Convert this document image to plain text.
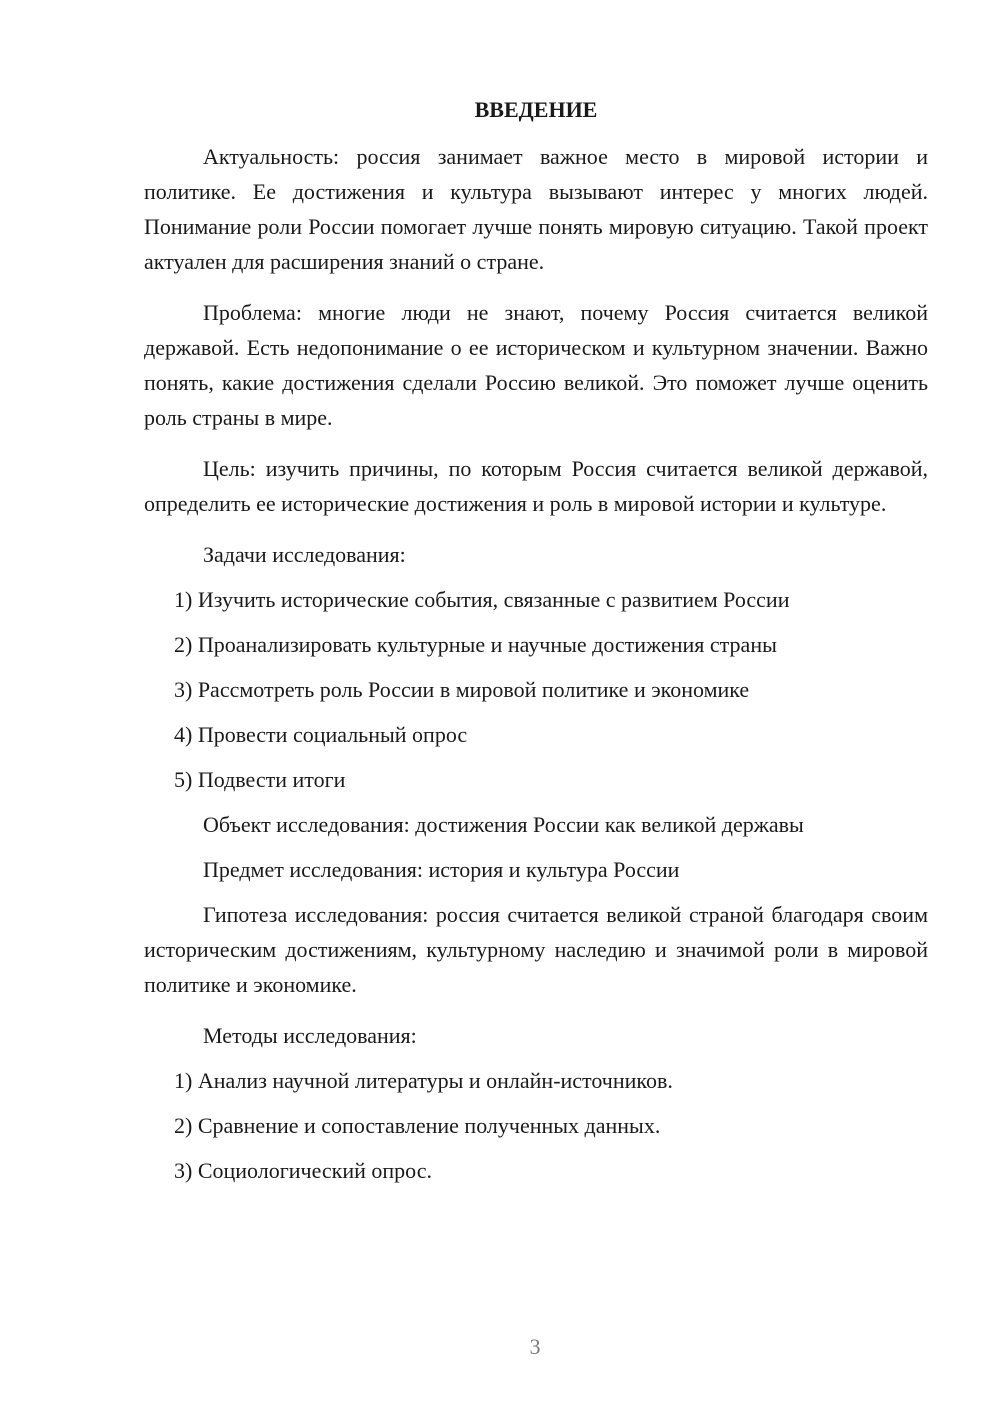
ВВЕДЕНИЕ

Актуальность: россия занимает важное место в мировой истории и политике. Ее достижения и культура вызывают интерес у многих людей. Понимание роли России помогает лучше понять мировую ситуацию. Такой проект актуален для расширения знаний о стране.

Проблема: многие люди не знают, почему Россия считается великой державой. Есть недопонимание о ее историческом и культурном значении. Важно понять, какие достижения сделали Россию великой. Это поможет лучше оценить роль страны в мире.

Цель: изучить причины, по которым Россия считается великой державой, определить ее исторические достижения и роль в мировой истории и культуре.

Задачи исследования:
1) Изучить исторические события, связанные с развитием России
2) Проанализировать культурные и научные достижения страны
3) Рассмотреть роль России в мировой политике и экономике
4) Провести социальный опрос
5) Подвести итоги
Объект исследования: достижения России как великой державы
Предмет исследования: история и культура России

Гипотеза исследования: россия считается великой страной благодаря своим историческим достижениям, культурному наследию и значимой роли в мировой политике и экономике.

Методы исследования:
1) Анализ научной литературы и онлайн-источников.
2) Сравнение и сопоставление полученных данных.
3) Социологический опрос.
3
